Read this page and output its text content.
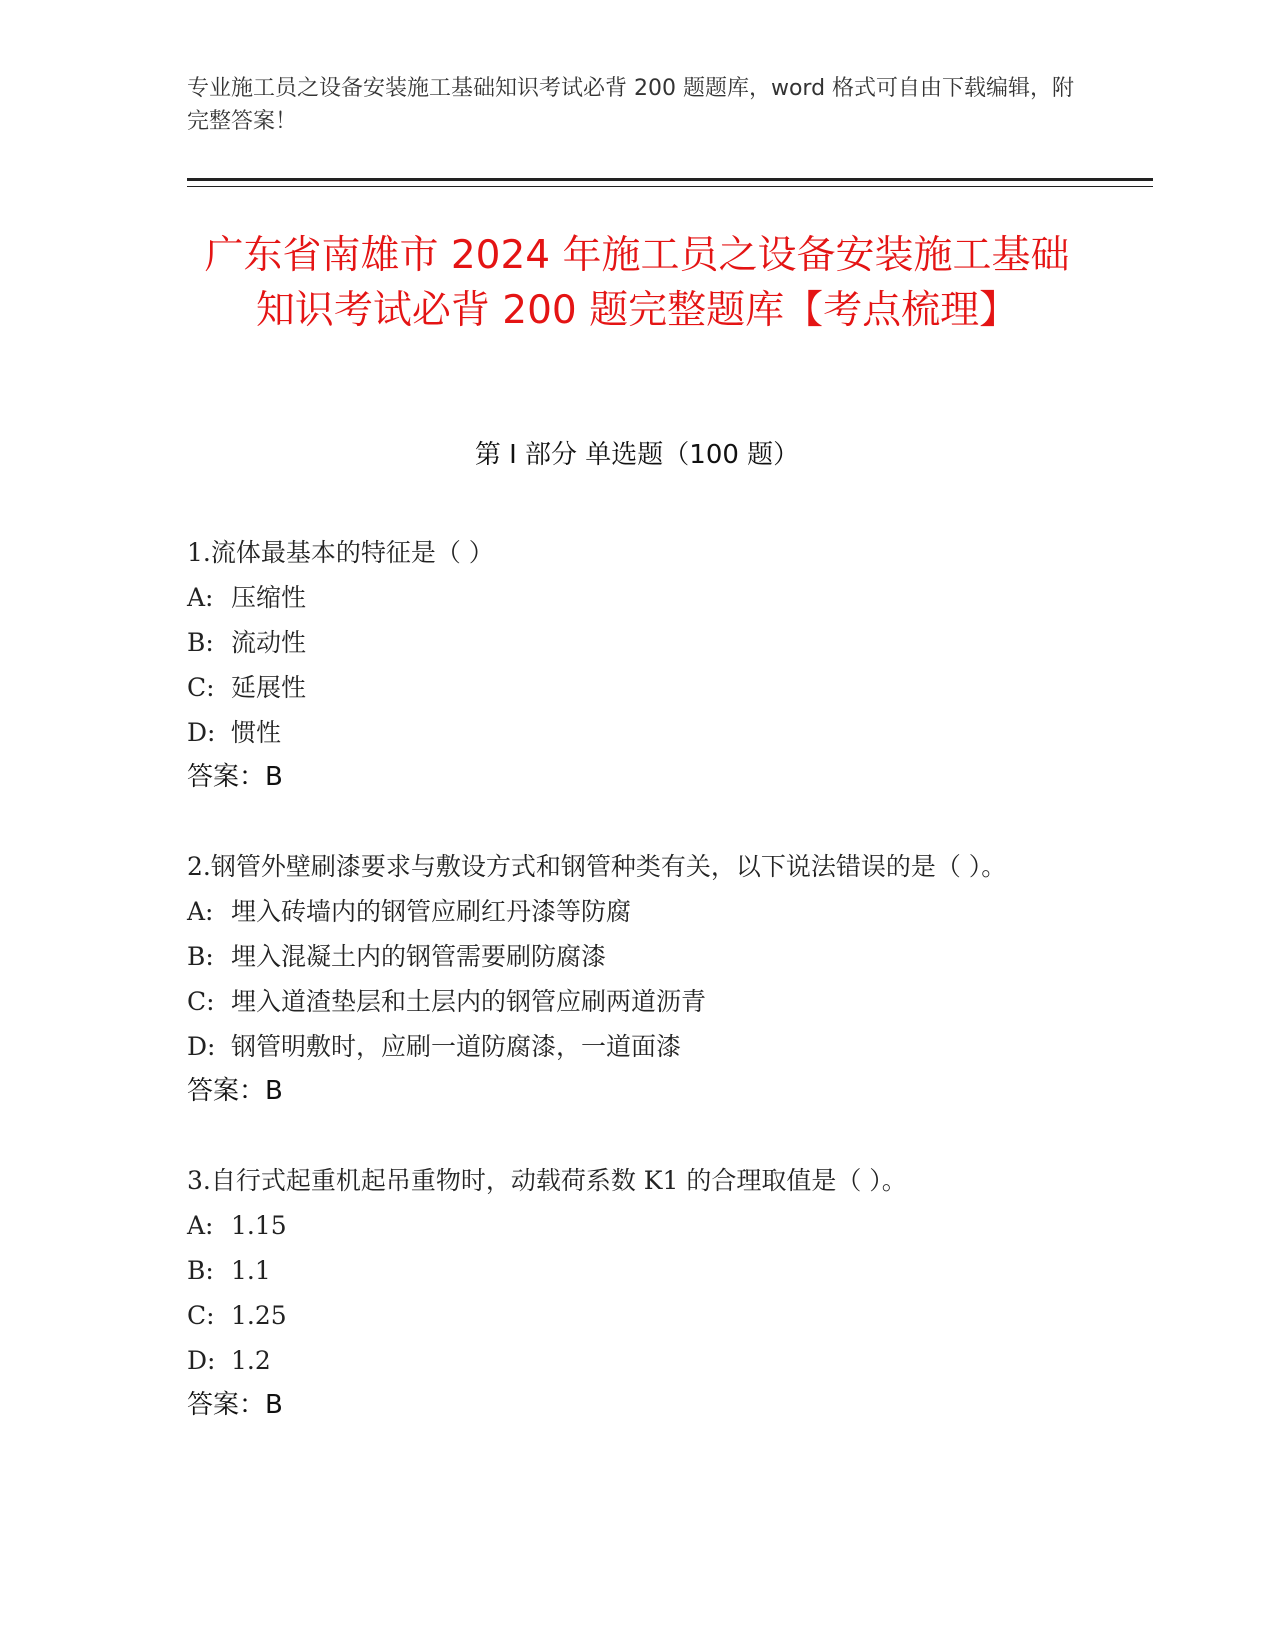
专业施工员之设备安装施工基础知识考试必背 200 题题库，word 格式可自由下载编辑，附完整答案！
广东省南雄市 2024 年施工员之设备安装施工基础知识考试必背 200 题完整题库【考点梳理】
第 I 部分 单选题（100 题）

1.流体最基本的特征是（ ）

A: 压缩性

B: 流动性

C: 延展性

D: 惯性

答案：B

2.钢管外壁刷漆要求与敷设方式和钢管种类有关，以下说法错误的是（ ）。

A: 埋入砖墙内的钢管应刷红丹漆等防腐

B: 埋入混凝土内的钢管需要刷防腐漆

C: 埋入道渣垫层和土层内的钢管应刷两道沥青

D: 钢管明敷时，应刷一道防腐漆，一道面漆

答案：B

3.自行式起重机起吊重物时，动载荷系数 K1 的合理取值是（ ）。

A: 1.15

B: 1.1

C: 1.25

D: 1.2

答案：B
